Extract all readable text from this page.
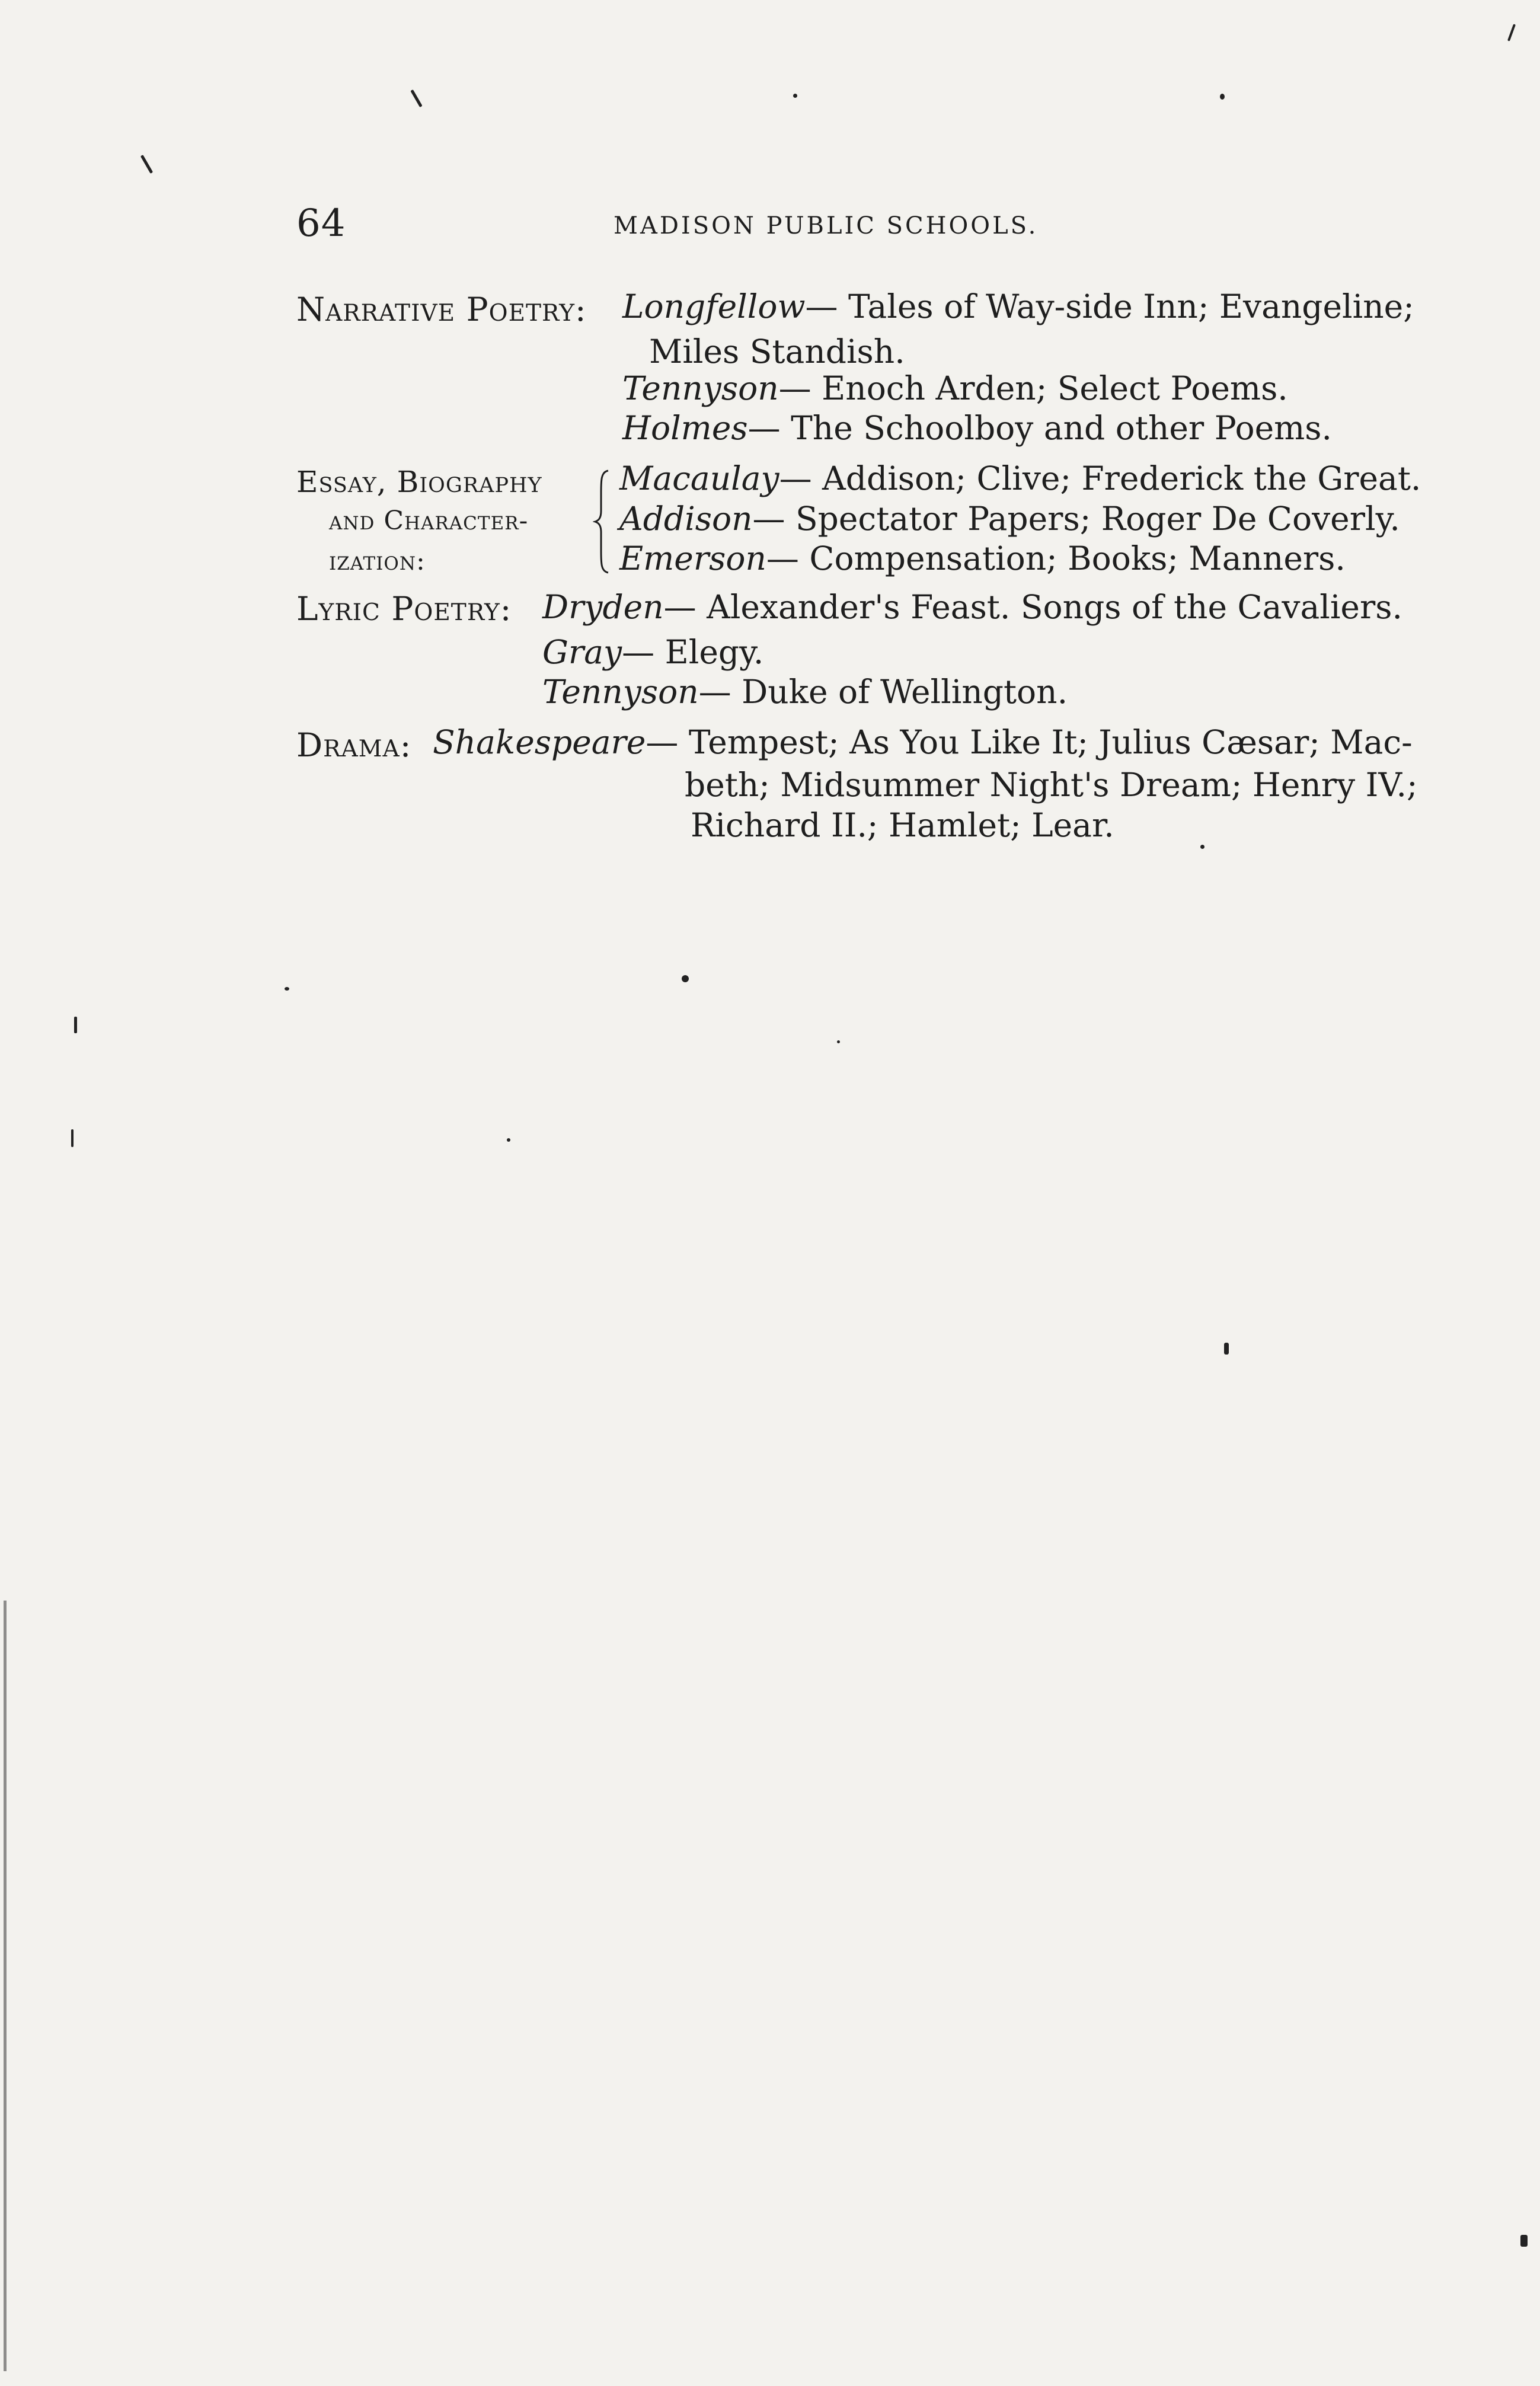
64	MADISON PUBLIC SCHOOLS.
Narrative Poetry: Longfellow— Tales of Way-side Inn; Evangeline;
Miles Standish.
Tennyson— Enoch Arden; Select Poems.
Holmes— The Schoolboy and other Poems.
Essay, Biography
and Character-
ization:
Macaulay— Addison; Clive; Frederick the Great.
Addison— Spectator Papers; Roger De Coverly.
Emerson— Compensation; Books; Manners.
Lyric Poetry: Dryden— Alexander's Feast. Songs of the Cavaliers.
Gray— Elegy.
Tennyson— Duke of Wellington.
Drama: Shakespeare— Tempest; As You Like It; Julius Cæsar; Mac-
beth; Midsummer Night's Dream; Henry IV.;
Richard II.; Hamlet; Lear.
